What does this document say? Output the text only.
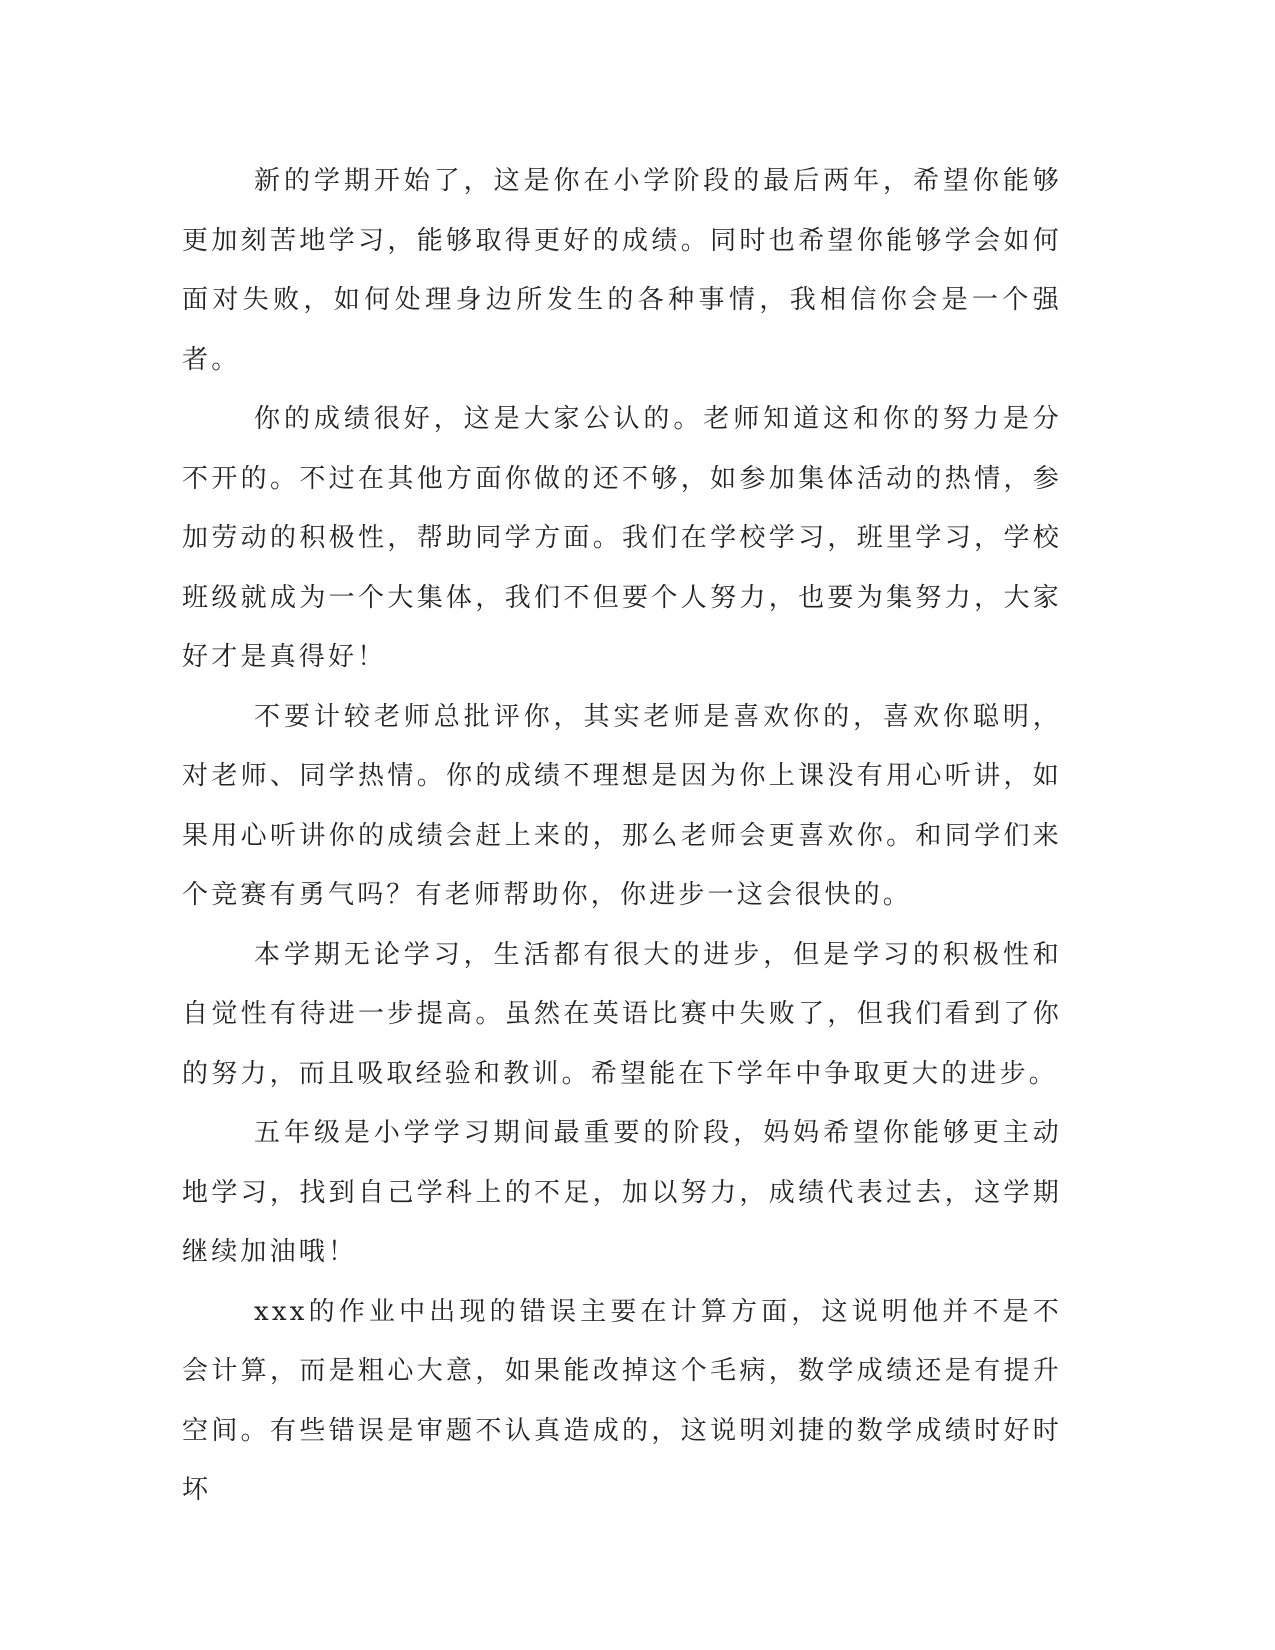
新的学期开始了，这是你在小学阶段的最后两年，希望你能够更加刻苦地学习，能够取得更好的成绩。同时也希望你能够学会如何面对失败，如何处理身边所发生的各种事情，我相信你会是一个强者。

你的成绩很好，这是大家公认的。老师知道这和你的努力是分不开的。不过在其他方面你做的还不够，如参加集体活动的热情，参加劳动的积极性，帮助同学方面。我们在学校学习，班里学习，学校班级就成为一个大集体，我们不但要个人努力，也要为集努力，大家好才是真得好！

不要计较老师总批评你，其实老师是喜欢你的，喜欢你聪明，对老师、同学热情。你的成绩不理想是因为你上课没有用心听讲，如果用心听讲你的成绩会赶上来的，那么老师会更喜欢你。和同学们来个竞赛有勇气吗？有老师帮助你，你进步一这会很快的。

本学期无论学习，生活都有很大的进步，但是学习的积极性和自觉性有待进一步提高。虽然在英语比赛中失败了，但我们看到了你的努力，而且吸取经验和教训。希望能在下学年中争取更大的进步。

五年级是小学学习期间最重要的阶段，妈妈希望你能够更主动地学习，找到自己学科上的不足，加以努力，成绩代表过去，这学期继续加油哦！

xxx的作业中出现的错误主要在计算方面，这说明他并不是不会计算，而是粗心大意，如果能改掉这个毛病，数学成绩还是有提升空间。有些错误是审题不认真造成的，这说明刘捷的数学成绩时好时坏
